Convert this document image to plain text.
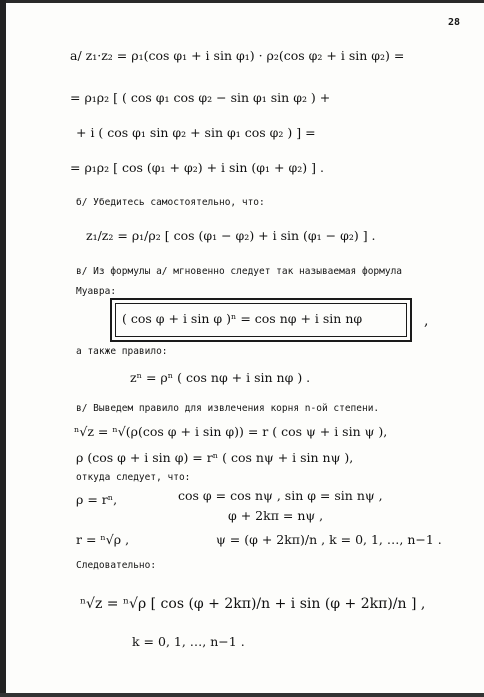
28
а/ z₁·z₂ = ρ₁(cos φ₁ + i sin φ₁) · ρ₂(cos φ₂ + i sin φ₂) =
= ρ₁ρ₂ [ ( cos φ₁ cos φ₂ − sin φ₁ sin φ₂ ) +
+ i ( cos φ₁ sin φ₂ + sin φ₁ cos φ₂ ) ] =
= ρ₁ρ₂ [ cos (φ₁ + φ₂) + i sin (φ₁ + φ₂) ] .
б/ Убедитесь самостоятельно, что:
z₁/z₂ = ρ₁/ρ₂ [ cos (φ₁ − φ₂) + i sin (φ₁ − φ₂) ] .
в/ Из формулы а/ мгновенно следует так называемая формула
Муавра:
( cos φ + i sin φ )ⁿ = cos nφ + i sin nφ	,
а также правило:
zⁿ = ρⁿ ( cos nφ + i sin nφ ) .
в/ Выведем правило для извлечения корня n-ой степени.
ⁿ√z = ⁿ√(ρ(cos φ + i sin φ)) = r ( cos ψ + i sin ψ ),
ρ (cos φ + i sin φ) = rⁿ ( cos nψ + i sin nψ ),
откуда следует, что:
ρ = rⁿ,	cos φ = cos nψ , sin φ = sin nψ ,
φ + 2kπ = nψ ,
r = ⁿ√ρ ,	ψ = (φ + 2kπ)/n , k = 0, 1, …, n−1 .
Следовательно:
ⁿ√z = ⁿ√ρ [ cos (φ + 2kπ)/n + i sin (φ + 2kπ)/n ] ,
k = 0, 1, …, n−1 .
